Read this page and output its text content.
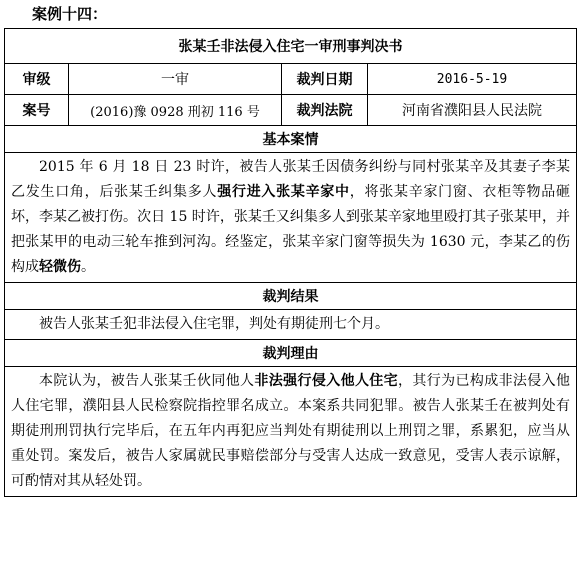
案例十四：
张某壬非法侵入住宅一审刑事判决书			
审级	一审	裁判日期	2016-5-19
案号	(2016)豫 0928 刑初 116 号	裁判法院	河南省濮阳县人民法院
基本案情			

2015 年 6 月 18 日 23 时许，被告人张某壬因债务纠纷与同村张某辛及其妻子李某乙发生口角，后张某壬纠集多人强行进入张某辛家中，将张某辛家门窗、衣柜等物品砸坏，李某乙被打伤。次日 15 时许，张某壬又纠集多人到张某辛家地里殴打其子张某甲，并把张某甲的电动三轮车推到河沟。经鉴定，张某辛家门窗等损失为 1630 元，李某乙的伤构成轻微伤。			

裁判结果			

被告人张某壬犯非法侵入住宅罪，判处有期徒刑七个月。			

裁判理由			

本院认为，被告人张某壬伙同他人非法强行侵入他人住宅，其行为已构成非法侵入他人住宅罪，濮阳县人民检察院指控罪名成立。本案系共同犯罪。被告人张某壬在被判处有期徒刑刑罚执行完毕后，在五年内再犯应当判处有期徒刑以上刑罚之罪，系累犯，应当从重处罚。案发后，被告人家属就民事赔偿部分与受害人达成一致意见，受害人表示谅解，可酌情对其从轻处罚。			
